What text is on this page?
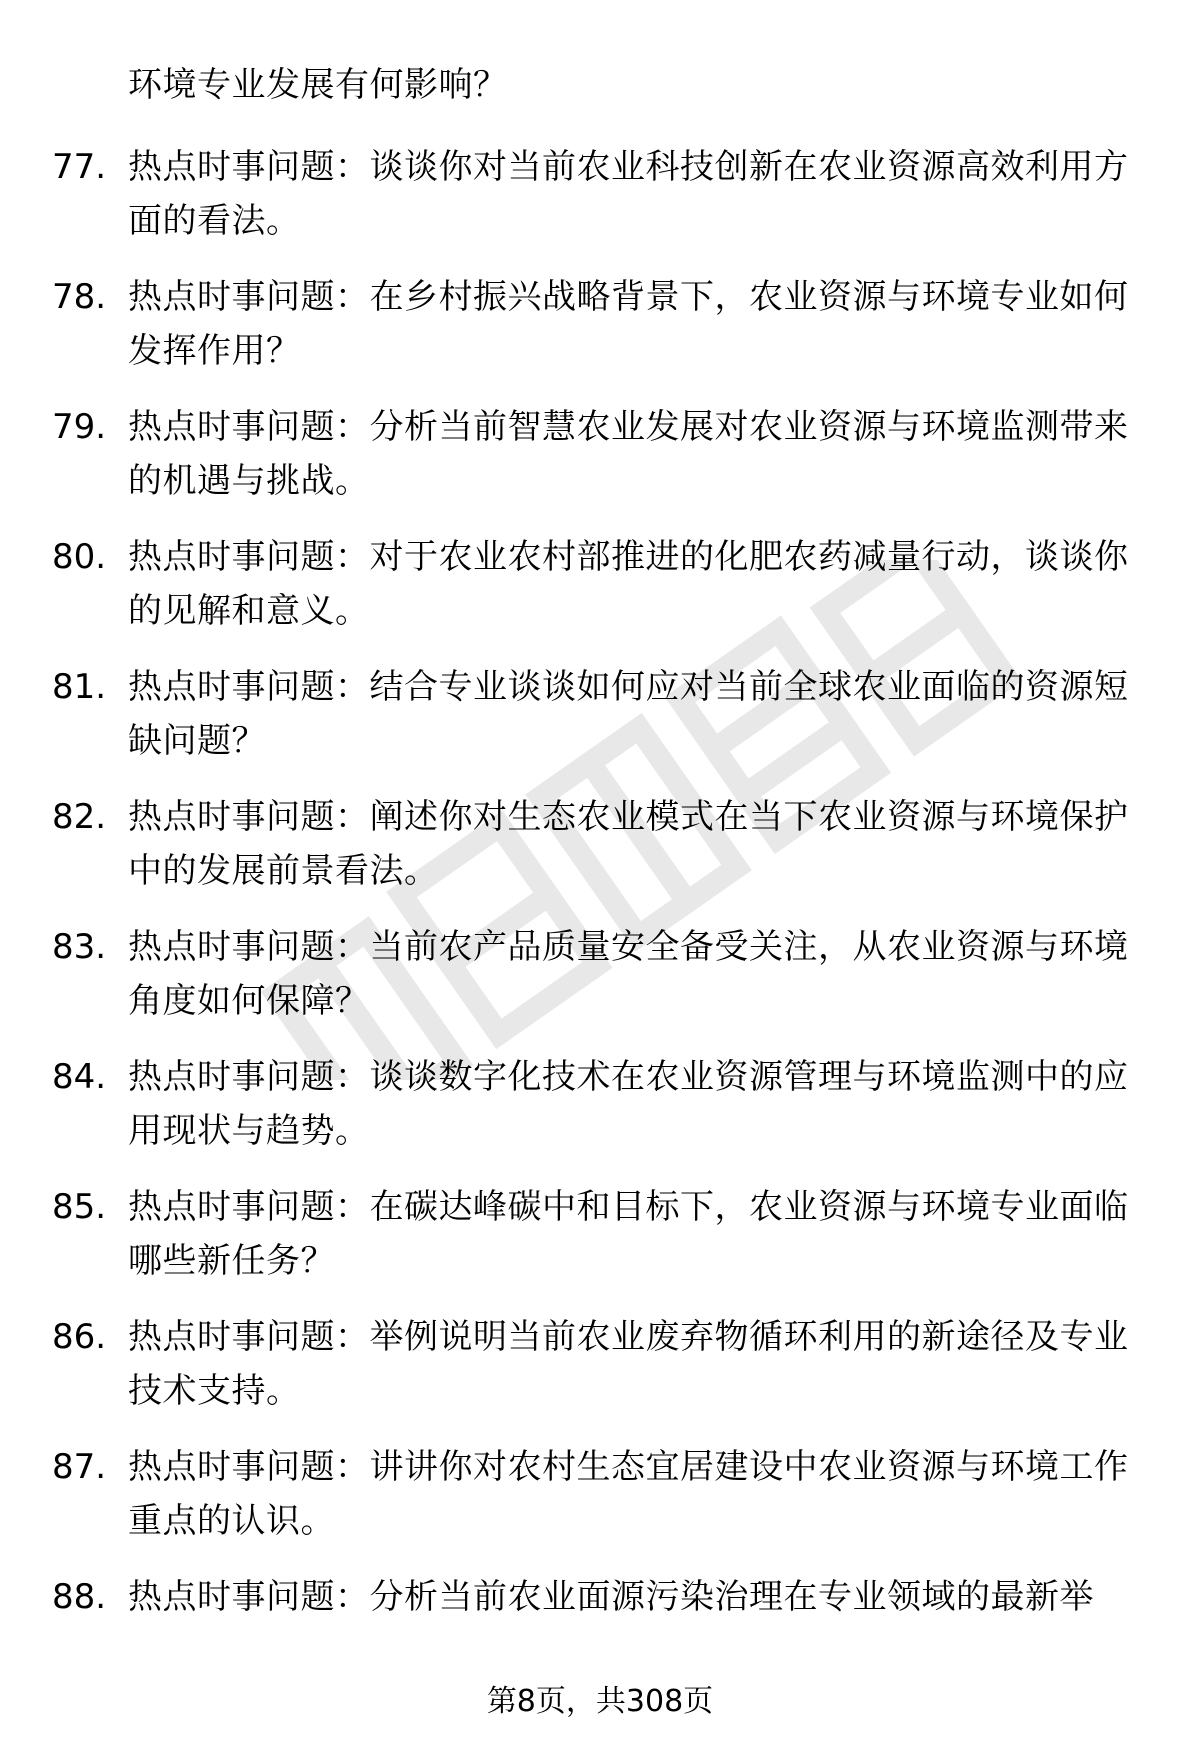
环境专业发展有何影响？
77. 热点时事问题：谈谈你对当前农业科技创新在农业资源高效利用方面的看法。
78. 热点时事问题：在乡村振兴战略背景下，农业资源与环境专业如何发挥作用？
79. 热点时事问题：分析当前智慧农业发展对农业资源与环境监测带来的机遇与挑战。
80. 热点时事问题：对于农业农村部推进的化肥农药减量行动，谈谈你的见解和意义。
81. 热点时事问题：结合专业谈谈如何应对当前全球农业面临的资源短缺问题？
82. 热点时事问题：阐述你对生态农业模式在当下农业资源与环境保护中的发展前景看法。
83. 热点时事问题：当前农产品质量安全备受关注，从农业资源与环境角度如何保障？
84. 热点时事问题：谈谈数字化技术在农业资源管理与环境监测中的应用现状与趋势。
85. 热点时事问题：在碳达峰碳中和目标下，农业资源与环境专业面临哪些新任务？
86. 热点时事问题：举例说明当前农业废弃物循环利用的新途径及专业技术支持。
87. 热点时事问题：讲讲你对农村生态宜居建设中农业资源与环境工作重点的认识。
88. 热点时事问题：分析当前农业面源污染治理在专业领域的最新举
第8页，共308页
